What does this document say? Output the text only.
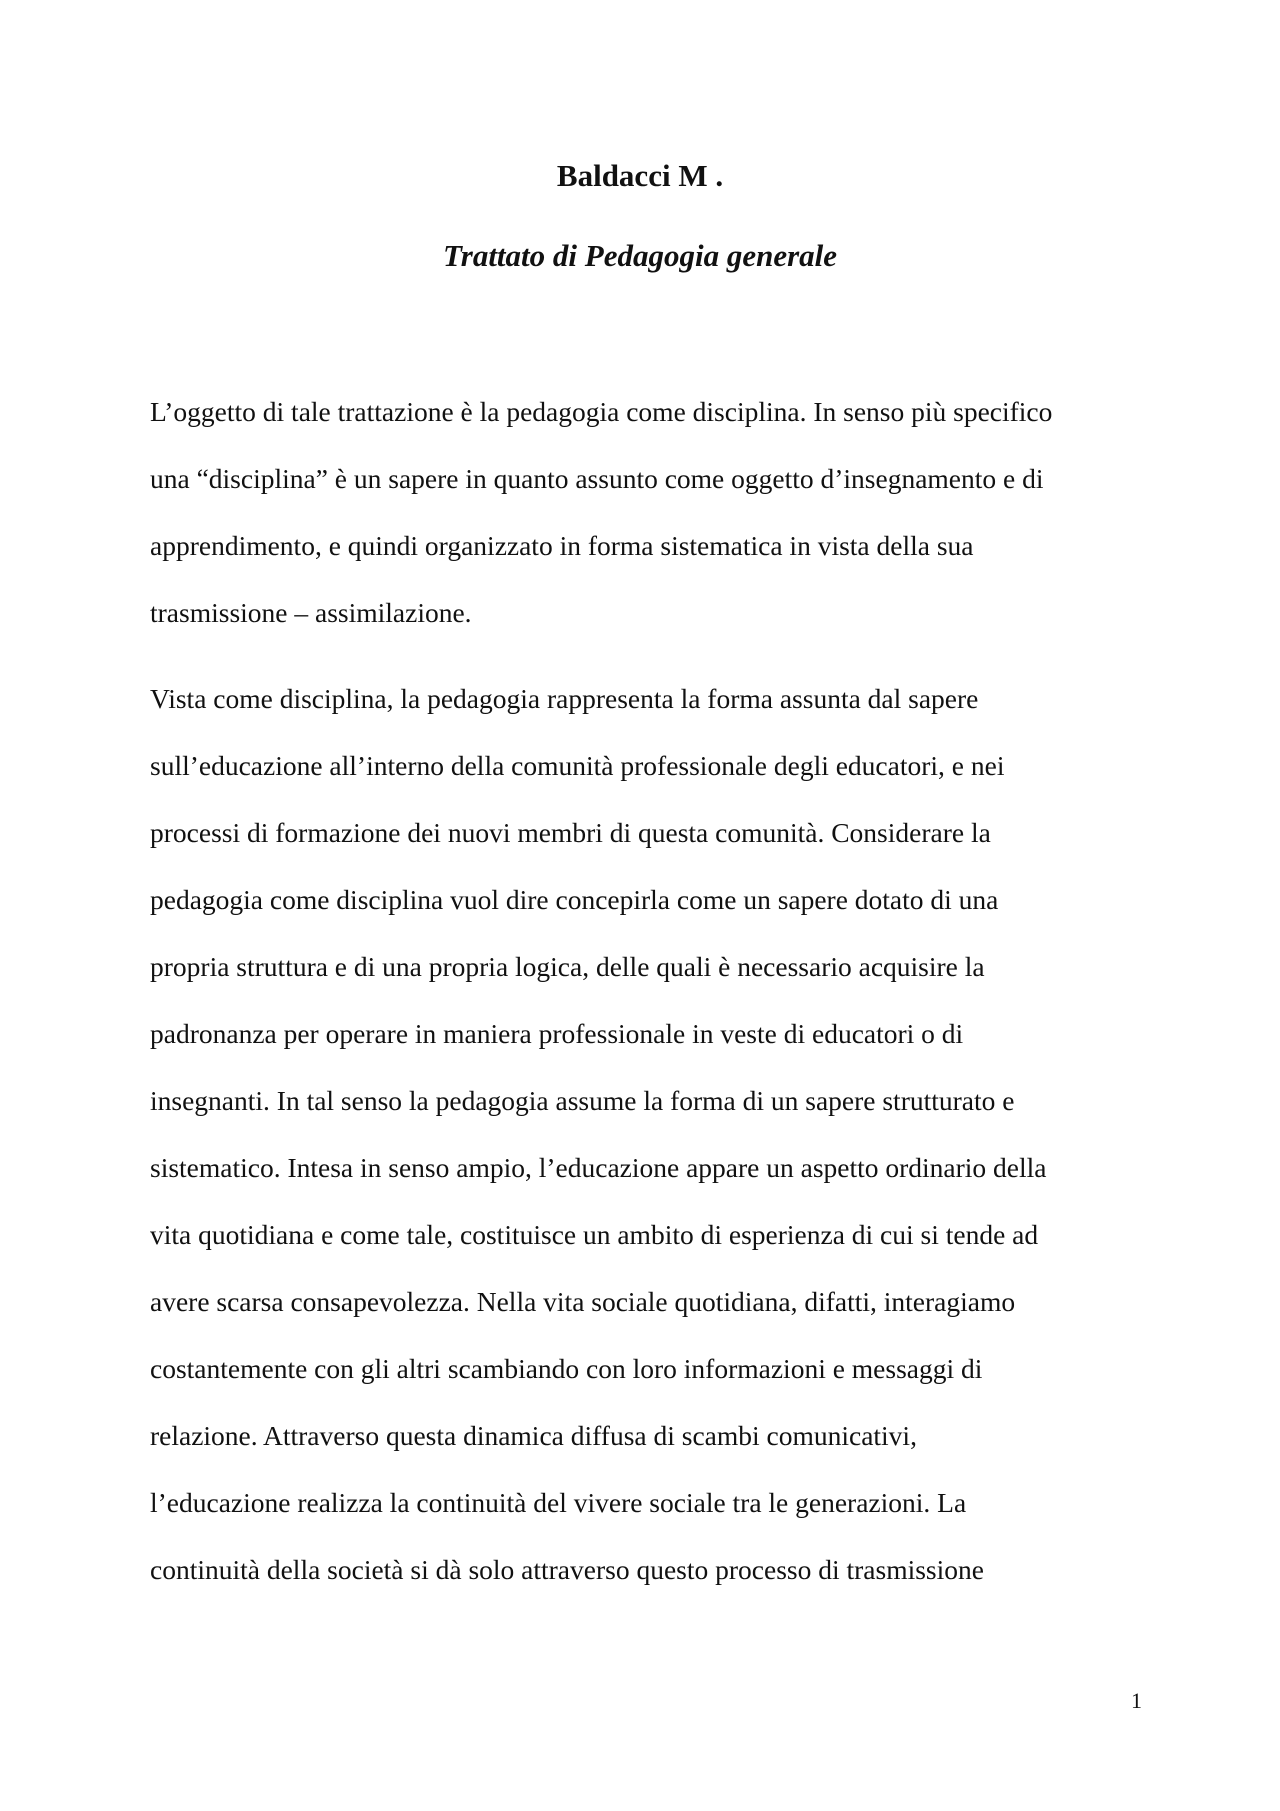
Baldacci M .
Trattato di Pedagogia generale
L’oggetto di tale trattazione è la pedagogia come disciplina. In senso più specifico
una “disciplina” è un sapere in quanto assunto come oggetto d’insegnamento e di
apprendimento, e quindi organizzato in forma sistematica in vista della sua
trasmissione – assimilazione.
Vista come disciplina, la pedagogia rappresenta la forma assunta dal sapere
sull’educazione all’interno della comunità professionale degli educatori, e nei
processi di formazione dei nuovi membri di questa comunità. Considerare la
pedagogia come disciplina vuol dire concepirla come un sapere dotato di una
propria struttura e di una propria logica, delle quali è necessario acquisire la
padronanza per operare in maniera professionale in veste di educatori o di
insegnanti. In tal senso la pedagogia assume la forma di un sapere strutturato e
sistematico. Intesa in senso ampio, l’educazione appare un aspetto ordinario della
vita quotidiana e come tale, costituisce un ambito di esperienza di cui si tende ad
avere scarsa consapevolezza. Nella vita sociale quotidiana, difatti, interagiamo
costantemente con gli altri scambiando con loro informazioni e messaggi di
relazione. Attraverso questa dinamica diffusa di scambi comunicativi,
l’educazione realizza la continuità del vivere sociale tra le generazioni. La
continuità della società si dà solo attraverso questo processo di trasmissione
1
